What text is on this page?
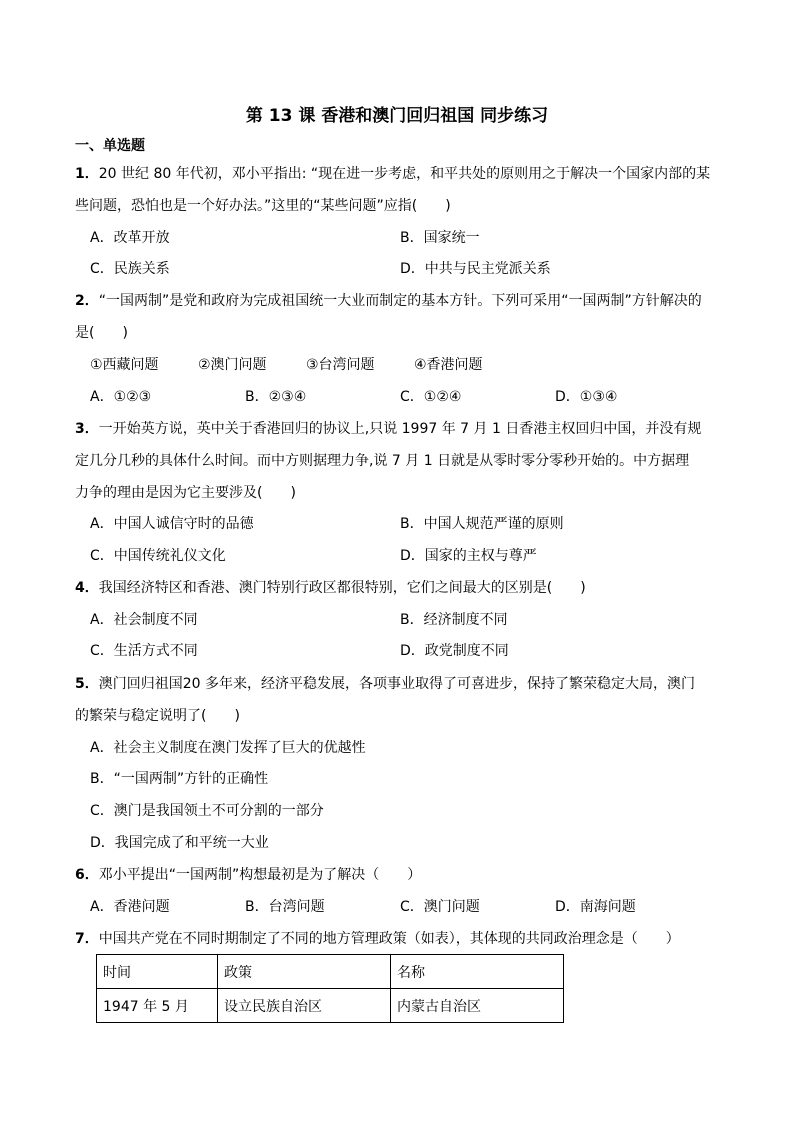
第 13 课 香港和澳门回归祖国 同步练习
一、单选题
1．20 世纪 80 年代初，邓小平指出: “现在进一步考虑，和平共处的原则用之于解决一个国家内部的某
些问题，恐怕也是一个好办法。”这里的“某些问题”应指(　　)
A．改革开放	B．国家统一
C．民族关系	D．中共与民主党派关系
2．“一国两制”是党和政府为完成祖国统一大业而制定的基本方针。下列可采用“一国两制”方针解决的
是(　　)
①西藏问题	②澳门问题	③台湾问题	④香港问题
A．①②③	B．②③④	C．①②④	D．①③④
3．一开始英方说，英中关于香港回归的协议上,只说 1997 年 7 月 1 日香港主权回归中国，并没有规
定几分几秒的具体什么时间。而中方则据理力争,说 7 月 1 日就是从零时零分零秒开始的。中方据理
力争的理由是因为它主要涉及(　　)
A．中国人诚信守时的品德	B．中国人规范严谨的原则
C．中国传统礼仪文化	D．国家的主权与尊严
4．我国经济特区和香港、澳门特别行政区都很特别，它们之间最大的区别是(　　)
A．社会制度不同	B．经济制度不同
C．生活方式不同	D．政党制度不同
5．澳门回归祖国20 多年来，经济平稳发展，各项事业取得了可喜进步，保持了繁荣稳定大局，澳门
的繁荣与稳定说明了(　　)
A．社会主义制度在澳门发挥了巨大的优越性
B．“一国两制”方针的正确性
C．澳门是我国领土不可分割的一部分
D．我国完成了和平统一大业
6．邓小平提出“一国两制”构想最初是为了解决（　　）
A．香港问题	B．台湾问题	C．澳门问题	D．南海问题
7．中国共产党在不同时期制定了不同的地方管理政策（如表），其体现的共同政治理念是（　　）
时间	政策	名称
1947 年 5 月	设立民族自治区	内蒙古自治区
